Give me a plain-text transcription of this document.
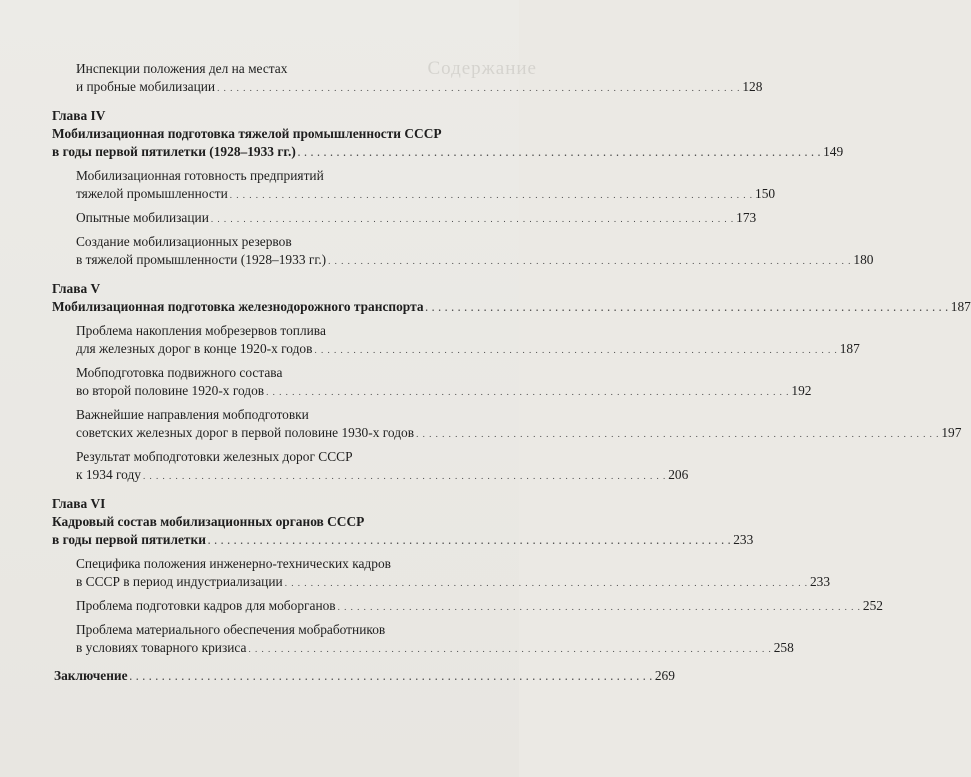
Содержание
Инспекции положения дел на местах
и пробные мобилизации . . .	128
Глава IV
Мобилизационная подготовка тяжелой промышленности СССР
в годы первой пятилетки (1928–1933 гг.) . . .	149
Мобилизационная готовность предприятий
тяжелой промышленности . . .	150
Опытные мобилизации . . .	173
Создание мобилизационных резервов
в тяжелой промышленности (1928–1933 гг.) . . .	180
Глава V
Мобилизационная подготовка железнодорожного транспорта . . .	187
Проблема накопления мобрезервов топлива
для железных дорог в конце 1920-х годов . . .	187
Мобподготовка подвижного состава
во второй половине 1920-х годов . . .	192
Важнейшие направления мобподготовки
советских железных дорог в первой половине 1930-х годов . . .	197
Результат мобподготовки железных дорог СССР
к 1934 году . . .	206
Глава VI
Кадровый состав мобилизационных органов СССР
в годы первой пятилетки . . .	233
Специфика положения инженерно-технических кадров
в СССР в период индустриализации . . .	233
Проблема подготовки кадров для моборганов . . .	252
Проблема материального обеспечения мобработников
в условиях товарного кризиса . . .	258
Заключение . . .	269
